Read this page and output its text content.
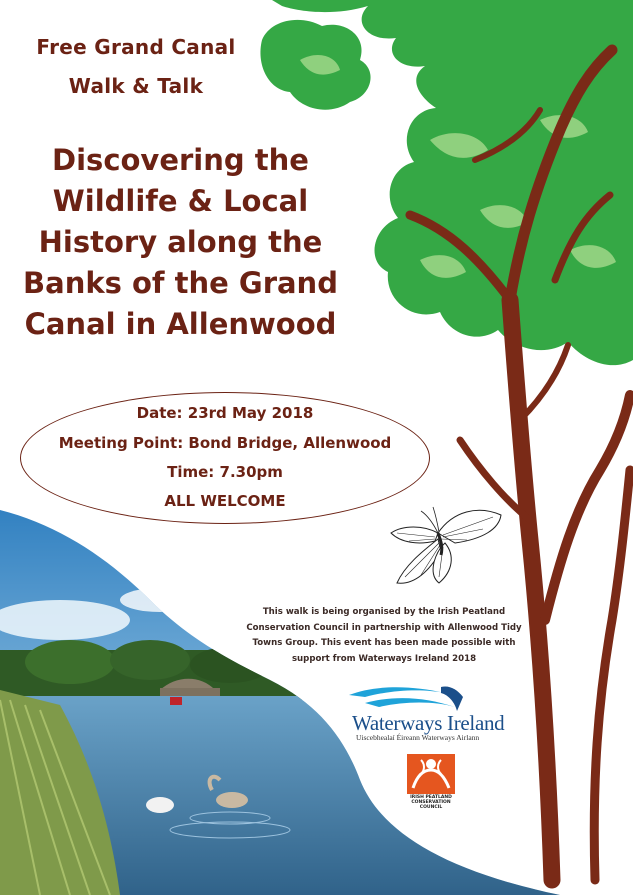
Free Grand Canal
Walk & Talk
Discovering the Wildlife & Local History along the Banks of the Grand Canal in Allenwood
Date: 23rd May 2018
Meeting Point: Bond Bridge, Allenwood
Time: 7.30pm
ALL WELCOME
This walk is being organised by the Irish Peatland Conservation Council in partnership with Allenwood Tidy Towns Group. This event has been made possible with support from Waterways Ireland 2018
Waterways Ireland
Uiscebhealaí Éireann Waterways Airlann
IRISH PEATLAND CONSERVATION COUNCIL
